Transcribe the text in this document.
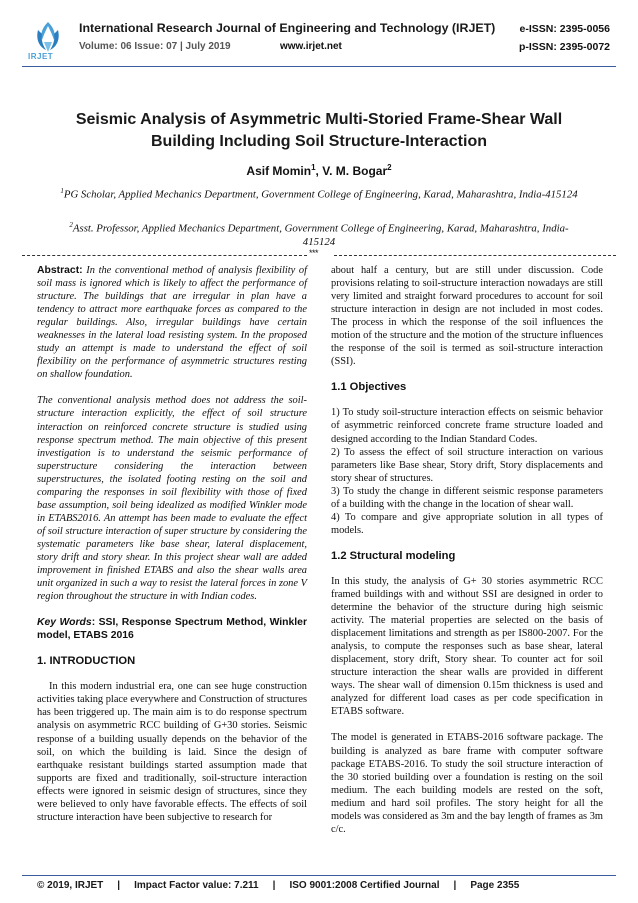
IRJET
International Research Journal of Engineering and Technology (IRJET) e-ISSN: 2395-0056
Volume: 06 Issue: 07 | July 2019	www.irjet.net	p-ISSN: 2395-0072
Seismic Analysis of Asymmetric Multi-Storied Frame-Shear Wall
Building Including Soil Structure-Interaction
Asif Momin$^1$, V. M. Bogar$^2$
$^1$PG Scholar, Applied Mechanics Department, Government College of Engineering, Karad, Maharashtra, India-415124
$^2$Asst. Professor, Applied Mechanics Department, Government College of Engineering, Karad, Maharashtra, India-415124
***

Abstract: In the conventional method of analysis flexibility of soil mass is ignored which is likely to affect the performance of structure. The buildings that are irregular in plan have a tendency to attract more earthquake forces as compared to the regular buildings. Also, irregular buildings have certain weaknesses in the lateral load resisting system. In the proposed study an attempt is made to understand the effect of soil flexibility on the performance of asymmetric structures resting on shallow foundation.

The conventional analysis method does not address the soil-structure interaction explicitly, the effect of soil structure interaction on reinforced concrete structure is studied using response spectrum method. The main objective of this present investigation is to understand the seismic performance of superstructure considering the interaction between superstructures, the isolated footing resting on the soil and comparing the responses in soil flexibility with those of fixed base assumption, soil being idealized as modified Winkler mode in ETABS2016. An attempt has been made to evaluate the effect of soil structure interaction of super structure by considering the systematic parameters like base shear, lateral displacement, story drift and story shear. In this project shear wall are added improvement in finished ETABS and also the shear walls area unit organized in such a way to resist the lateral forces in zone V region throughout the structure in with Indian codes.

Key Words: SSI, Response Spectrum Method, Winkler model, ETABS 2016

1. INTRODUCTION

In this modern industrial era, one can see huge construction activities taking place everywhere and Construction of structures has been triggered up. The main aim is to do response spectrum analysis on asymmetric RCC building of G+30 stories. Seismic response of a building usually depends on the behavior of the soil, on which the building is laid. Since the design of earthquake resistant buildings started assumption made that supports are fixed and traditionally, soil-structure interaction effects were ignored in seismic design of structures, since they were believed to only have favorable effects. The effects of soil structure interaction have been subjective to research for

about half a century, but are still under discussion. Code provisions relating to soil-structure interaction nowadays are still very limited and straight forward procedures to account for soil structure interaction in design are not included in most codes. The process in which the response of the soil influences the motion of the structure and the motion of the structure influences the response of the soil is termed as soil-structure interaction (SSI).

1.1 Objectives

1) To study soil-structure interaction effects on seismic behavior of asymmetric reinforced concrete frame structure loaded and designed according to the Indian Standard Codes.

2) To assess the effect of soil structure interaction on various parameters like Base shear, Story drift, Story displacements and story shear of structures.

3) To study the change in different seismic response parameters of a building with the change in the location of shear wall.

4) To compare and give appropriate solution in all types of models.

1.2 Structural modeling

In this study, the analysis of G+ 30 stories asymmetric RCC framed buildings with and without SSI are designed in order to determine the behavior of the structure during high seismic activity. The material properties are selected on the basis of displacement limitations and strength as per IS800-2007. For the analysis, to compute the responses such as base shear, lateral displacement, story drift, Story shear. To counter act for soil structure interaction the shear walls are provided in different ways. The shear wall of dimension 0.15m thickness is used and analyzed for different load cases as per code specification in ETABS software.

The model is generated in ETABS-2016 software package. The building is analyzed as bare frame with computer software package ETABS-2016. To study the soil structure interaction of the 30 storied building over a foundation is resting on the soil medium. The each building models are rested on the soft, medium and hard soil profiles. The story height for all the models was considered as 3m and the bay length of frames as 3m c/c.

© 2019, IRJET | Impact Factor value: 7.211 | ISO 9001:2008 Certified Journal | Page 2355
